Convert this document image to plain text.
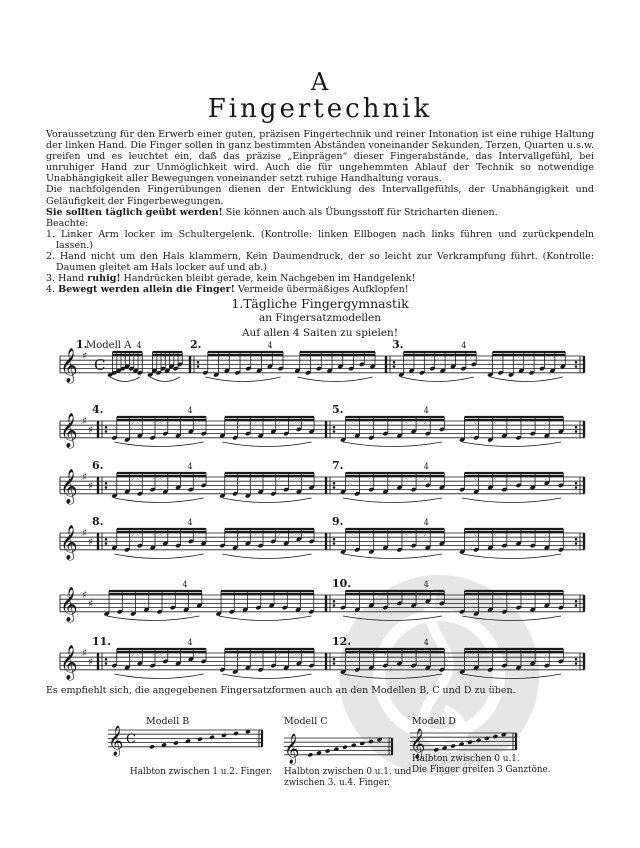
A
Fingertechnik

Voraussetzung für den Erwerb einer guten, präzisen Fingertechnik und reiner Intonation ist eine ruhige Haltung der linken Hand. Die Finger sollen in ganz bestimmten Abständen voneinander Sekunden, Terzen, Quarten u.s.w. greifen und es leuchtet ein, daß das präzise „Einprägen“ dieser Fingerabstände, das Intervallgefühl, bei unruhiger Hand zur Unmöglichkeit wird. Auch die für ungehemmten Ablauf der Technik so notwendige Unabhängigkeit aller Bewegungen voneinander setzt ruhige Handhaltung voraus.

Die nachfolgenden Fingerübungen dienen der Entwicklung des Intervallgefühls, der Unabhängigkeit und Geläufigkeit der Fingerbewegungen.

Sie sollten täglich geübt werden! Sie können auch als Übungsstoff für Stricharten dienen.

Beachte:

1. Linker Arm locker im Schultergelenk. (Kontrolle: linken Ellbogen nach links führen und zurückpendeln lassen.)

2. Hand nicht um den Hals klammern, Kein Daumendruck, der so leicht zur Verkrampfung führt. (Kontrolle: Daumen gleitet am Hals locker auf und ab.)

3. Hand ruhig! Handrücken bleibt gerade, kein Nachgeben im Handgelenk!

4. Bewegt werden allein die Finger! Vermeide übermäßiges Aufklopfen!

1.Tägliche Fingergymnastik
an Fingersatzmodellen
Auf allen 4 Saiten zu spielen!
Modell A
𝄞 ♯ C
4	4	4
1.	2.	3.
𝄞 ♯
♯
4	4
4.	5.
𝄞 ♯
♯
4	4
6.	7.
𝄞 ♯
♯
4	4
8.	9.
𝄞 ♯
♯
4	4
10.
𝄞 ♯
♯
4	4
11.	12.
𝄞 C	𝄞	𝄞
Es empfiehlt sich, die angegebenen Fingersatzformen auch an den Modellen B, C und D zu üben.
Modell B	Modell C	Modell D
Halbton zwischen 1 u.2. Finger. Halbton zwischen 0 u.1. und
zwischen 3. u.4. Finger.
Halbton zwischen 0 u.1.
Die Finger greifen 3 Ganztöne.
